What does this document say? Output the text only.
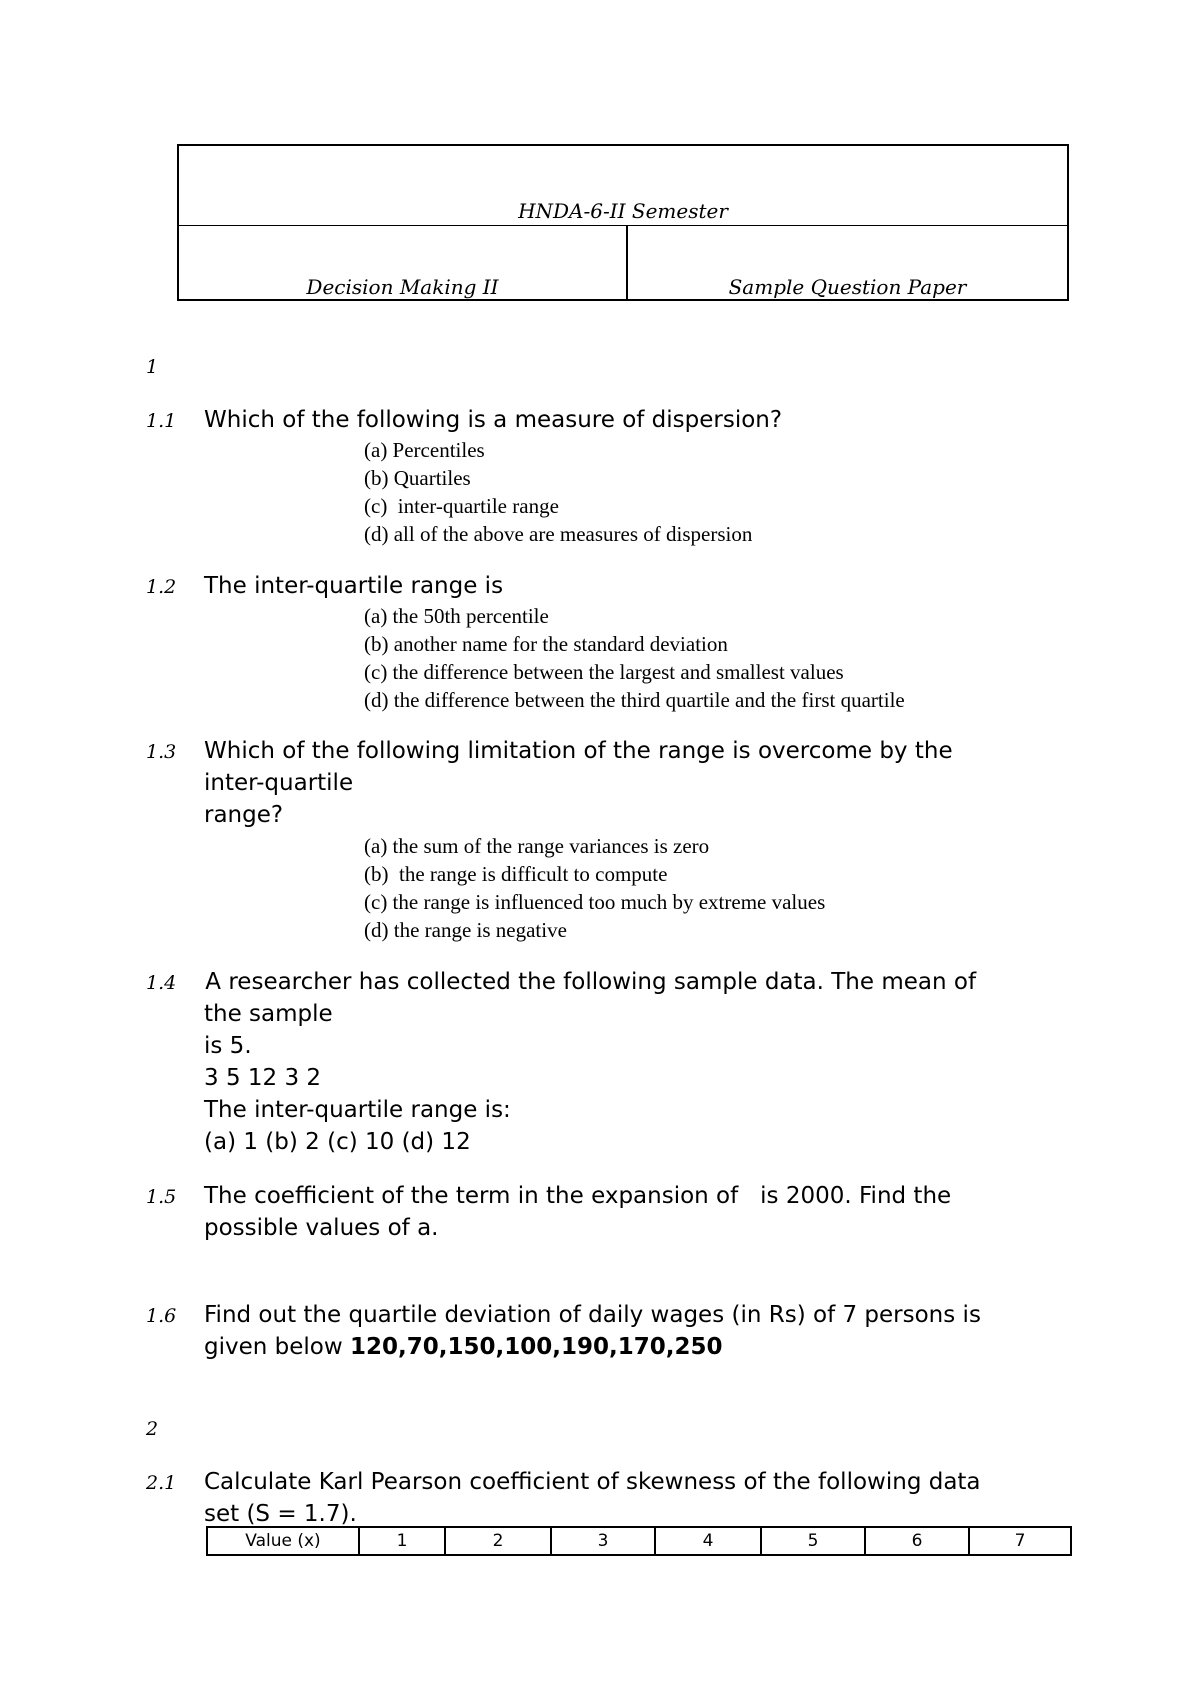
HNDA-6-II Semester
Decision Making II	Sample Question Paper
1
1.1 Which of the following is a measure of dispersion?
(a) Percentiles
(b) Quartiles
(c)  inter-quartile range
(d) all of the above are measures of dispersion
1.2 The inter-quartile range is
(a) the 50th percentile
(b) another name for the standard deviation
(c) the difference between the largest and smallest values
(d) the difference between the third quartile and the first quartile
1.3 Which of the following limitation of the range is overcome by the
inter-quartile
range?
(a) the sum of the range variances is zero
(b)  the range is difficult to compute
(c) the range is influenced too much by extreme values
(d) the range is negative
1.4 A researcher has collected the following sample data. The mean of
the sample
is 5.
3 5 12 3 2
The inter-quartile range is:
(a) 1 (b) 2 (c) 10 (d) 12
1.5 The coefficient of the term in the expansion of   is 2000. Find the
possible values of a.
1.6 Find out the quartile deviation of daily wages (in Rs) of 7 persons is
given below 120,70,150,100,190,170,250
2
2.1 Calculate Karl Pearson coefficient of skewness of the following data
set (S = 1.7).
Value (x)	1	2	3	4	5	6	7
